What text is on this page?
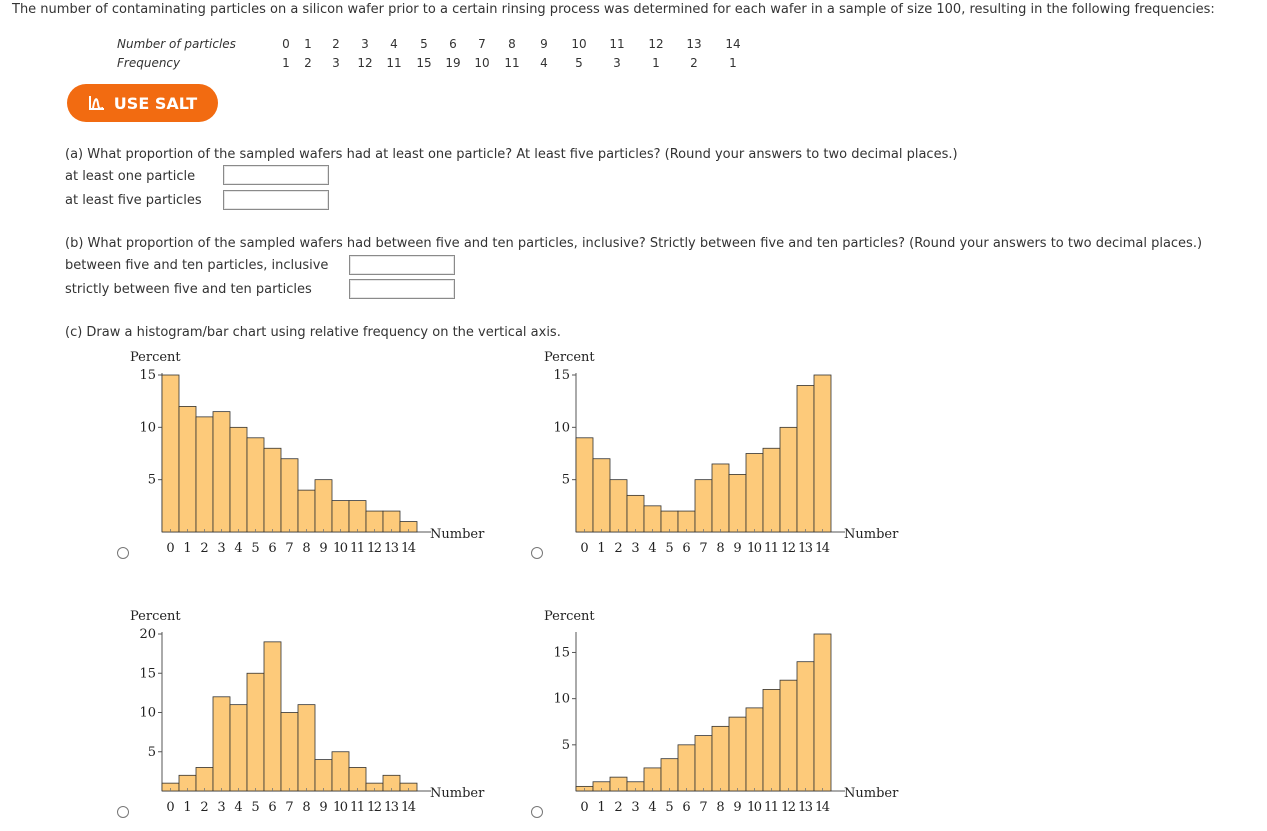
The number of contaminating particles on a silicon wafer prior to a certain rinsing process was determined for each wafer in a sample of size 100, resulting in the following frequencies:
Number of particles	0	1	2	3	4	5	6	7	8	9	10	11	12	13	14
Frequency	1	2	3	12	11	15	19	10	11	4	5	3	1	2	1
USE SALT
(a) What proportion of the sampled wafers had at least one particle? At least five particles? (Round your answers to two decimal places.)
at least one particle
at least five particles
(b) What proportion of the sampled wafers had between five and ten particles, inclusive? Strictly between five and ten particles? (Round your answers to two decimal places.)
between five and ten particles, inclusive
strictly between five and ten particles
(c) Draw a histogram/bar chart using relative frequency on the vertical axis.
Percent
Number
5
10
15
0 1 2 3 4 5 6 7 8 9 10 11 12 13 14
Percent
Number
5
10
15
0 1 2 3 4 5 6 7 8 9 10 11 12 13 14
Percent
Number
5
10
15
20
0 1 2 3 4 5 6 7 8 9 10 11 12 13 14
Percent
Number
5
10
15
0 1 2 3 4 5 6 7 8 9 10 11 12 13 14
